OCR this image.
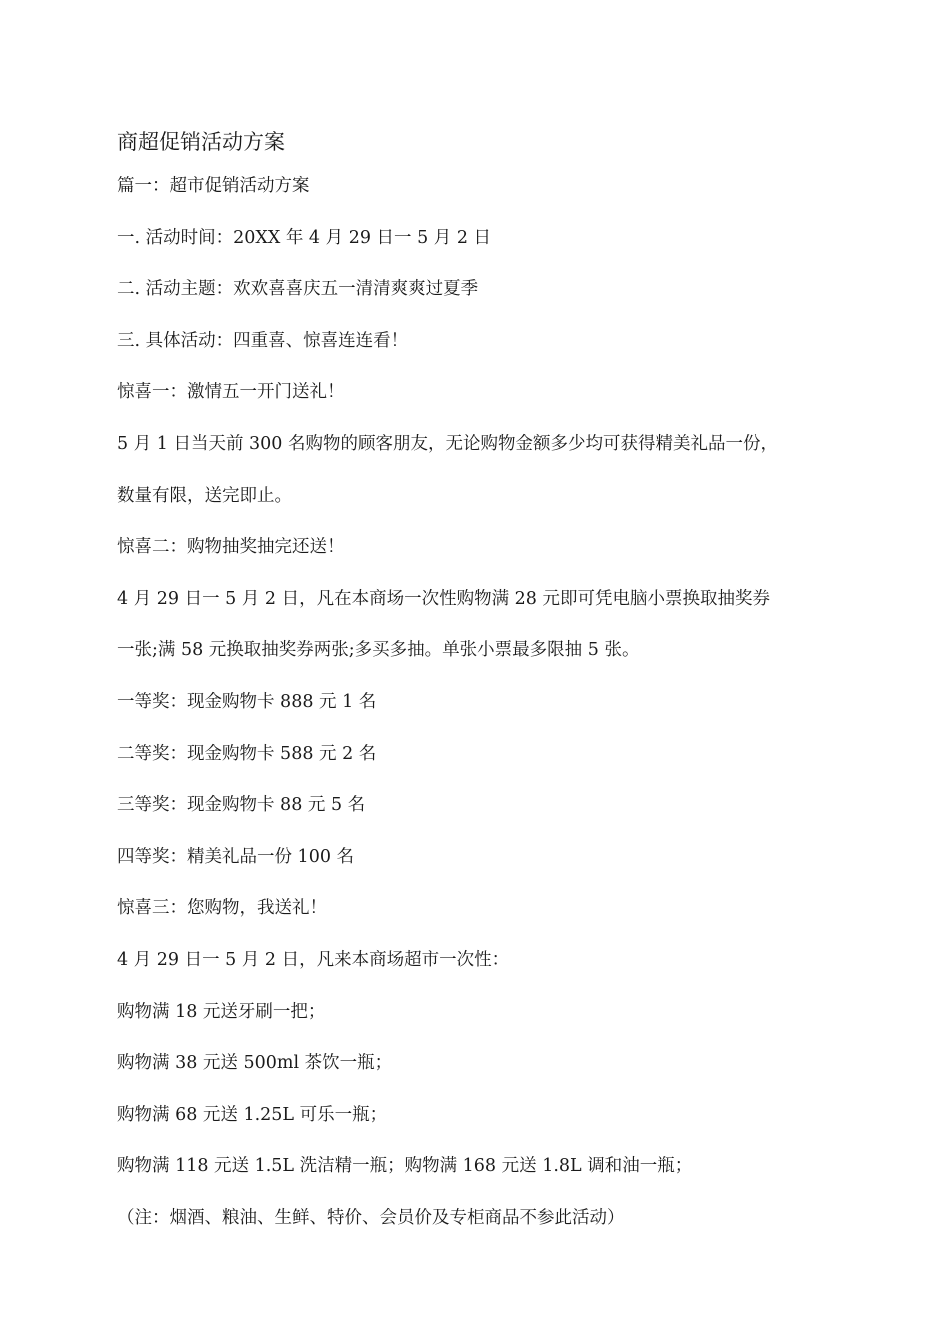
商超促销活动方案
篇一：超市促销活动方案
一. 活动时间：20XX 年 4 月 29 日一 5 月 2 日
二. 活动主题：欢欢喜喜庆五一清清爽爽过夏季
三. 具体活动：四重喜、惊喜连连看！
惊喜一：激情五一开门送礼！
5 月 1 日当天前 300 名购物的顾客朋友，无论购物金额多少均可获得精美礼品一份，
数量有限，送完即止。
惊喜二：购物抽奖抽完还送！
4 月 29 日一 5 月 2 日，凡在本商场一次性购物满 28 元即可凭电脑小票换取抽奖券
一张;满 58 元换取抽奖券两张;多买多抽。单张小票最多限抽 5 张。
一等奖：现金购物卡 888 元 1 名
二等奖：现金购物卡 588 元 2 名
三等奖：现金购物卡 88 元 5 名
四等奖：精美礼品一份 100 名
惊喜三：您购物，我送礼！
4 月 29 日一 5 月 2 日，凡来本商场超市一次性：
购物满 18 元送牙刷一把；
购物满 38 元送 500ml 茶饮一瓶；
购物满 68 元送 1.25L 可乐一瓶；
购物满 118 元送 1.5L 洗洁精一瓶；购物满 168 元送 1.8L 调和油一瓶；
（注：烟酒、粮油、生鲜、特价、会员价及专柜商品不参此活动）
